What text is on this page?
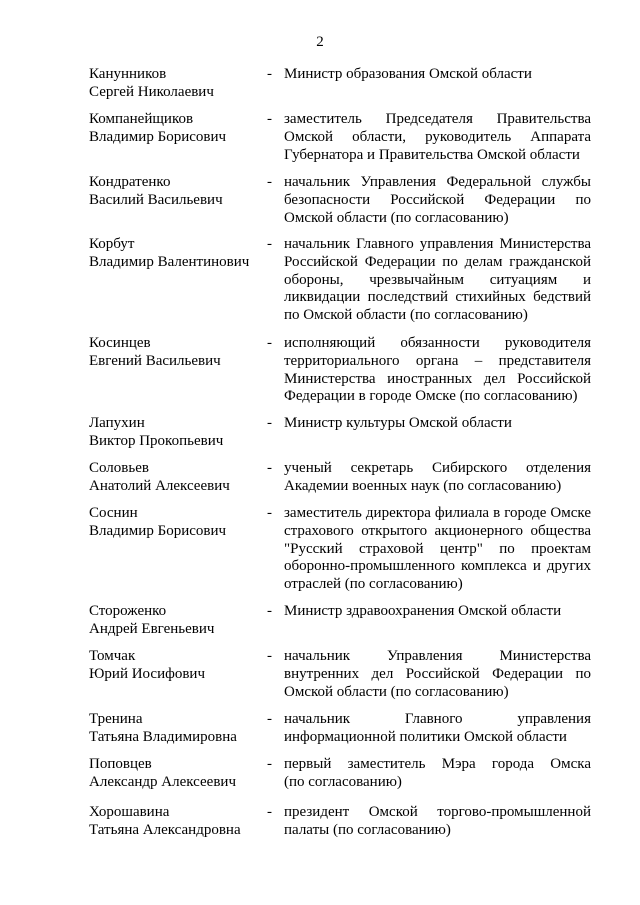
2
Канунников
Сергей Николаевич
- Министр образования Омской области
Компанейщиков
Владимир Борисович
- заместитель Председателя Правительства
Омской области, руководитель Аппарата
Губернатора и Правительства Омской области
Кондратенко
Василий Васильевич
- начальник Управления Федеральной службы
безопасности Российской Федерации по
Омской области (по согласованию)
Корбут
Владимир Валентинович
- начальник Главного управления Министерства
Российской Федерации по делам гражданской
обороны, чрезвычайным ситуациям и
ликвидации последствий стихийных бедствий
по Омской области (по согласованию)
Косинцев
Евгений Васильевич
- исполняющий обязанности руководителя
территориального органа – представителя
Министерства иностранных дел Российской
Федерации в городе Омске (по согласованию)
Лапухин
Виктор Прокопьевич
- Министр культуры Омской области
Соловьев
Анатолий Алексеевич
- ученый секретарь Сибирского отделения
Академии военных наук (по согласованию)
Соснин
Владимир Борисович
- заместитель директора филиала в городе Омске
страхового открытого акционерного общества
"Русский страховой центр" по проектам
оборонно-промышленного комплекса и других
отраслей (по согласованию)
Стороженко
Андрей Евгеньевич
- Министр здравоохранения Омской области
Томчак
Юрий Иосифович
- начальник Управления Министерства
внутренних дел Российской Федерации по
Омской области (по согласованию)
Тренина
Татьяна Владимировна
- начальник Главного управления
информационной политики Омской области
Поповцев
Александр Алексеевич
- первый заместитель Мэра города Омска
(по согласованию)
Хорошавина
Татьяна Александровна
- президент Омской торгово-промышленной
палаты (по согласованию)
